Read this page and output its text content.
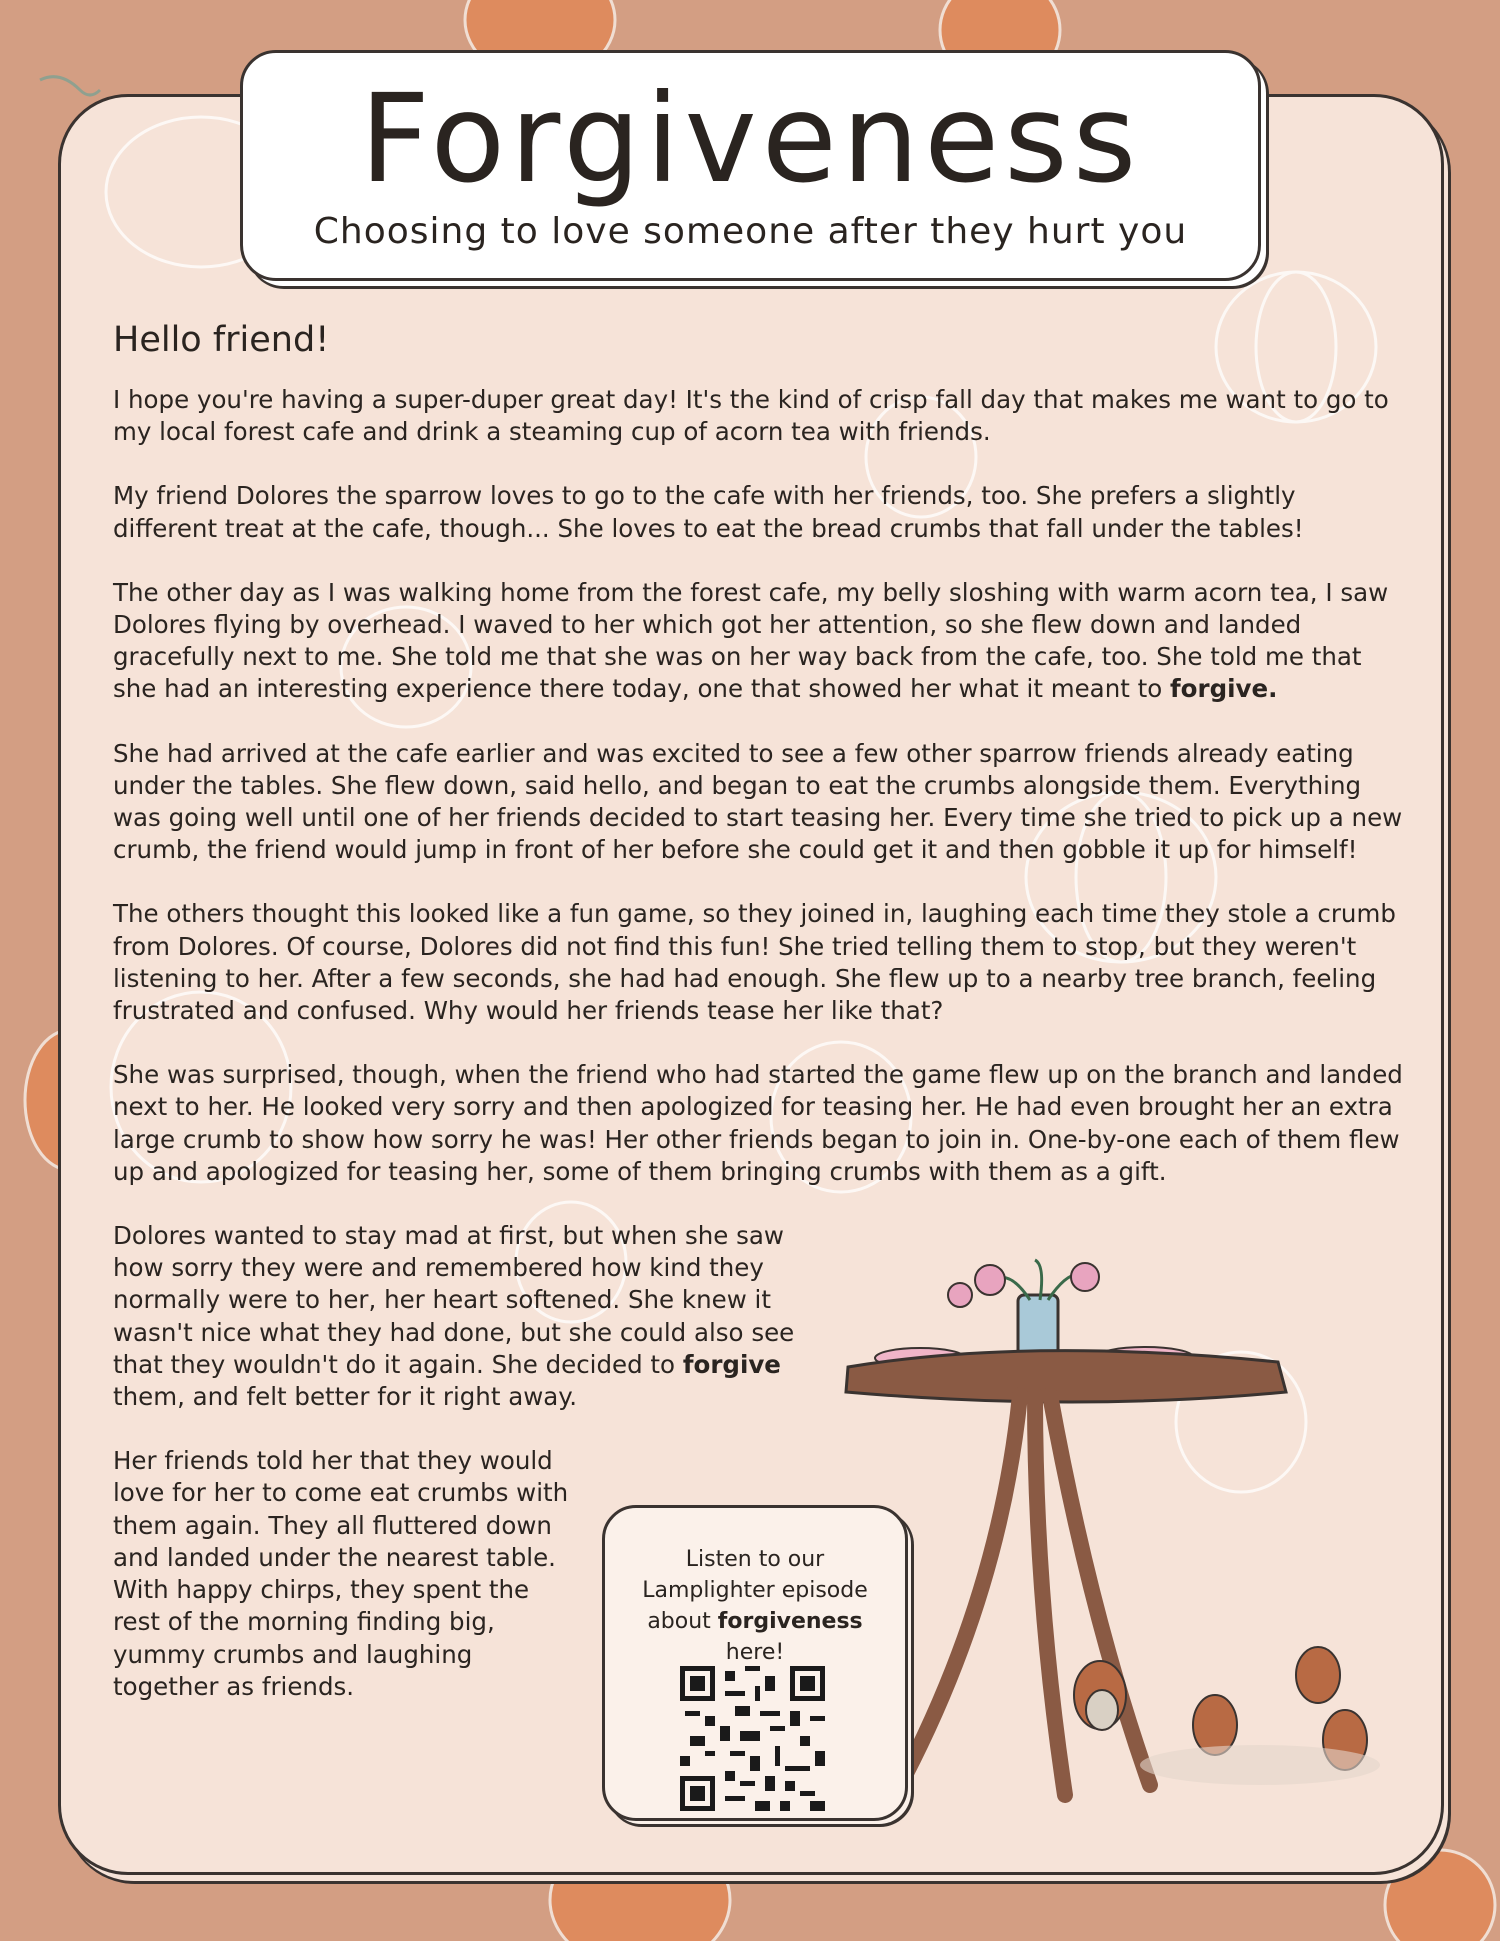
Forgiveness
Choosing to love someone after they hurt you

Hello friend!

I hope you're having a super-duper great day! It's the kind of crisp fall day that makes me want to go to my local forest cafe and drink a steaming cup of acorn tea with friends.

My friend Dolores the sparrow loves to go to the cafe with her friends, too. She prefers a slightly different treat at the cafe, though... She loves to eat the bread crumbs that fall under the tables!

The other day as I was walking home from the forest cafe, my belly sloshing with warm acorn tea, I saw Dolores flying by overhead. I waved to her which got her attention, so she flew down and landed gracefully next to me. She told me that she was on her way back from the cafe, too. She told me that she had an interesting experience there today, one that showed her what it meant to forgive.

She had arrived at the cafe earlier and was excited to see a few other sparrow friends already eating under the tables. She flew down, said hello, and began to eat the crumbs alongside them. Everything was going well until one of her friends decided to start teasing her. Every time she tried to pick up a new crumb, the friend would jump in front of her before she could get it and then gobble it up for himself!

The others thought this looked like a fun game, so they joined in, laughing each time they stole a crumb from Dolores. Of course, Dolores did not find this fun! She tried telling them to stop, but they weren't listening to her. After a few seconds, she had had enough. She flew up to a nearby tree branch, feeling frustrated and confused. Why would her friends tease her like that?

She was surprised, though, when the friend who had started the game flew up on the branch and landed next to her. He looked very sorry and then apologized for teasing her. He had even brought her an extra large crumb to show how sorry he was! Her other friends began to join in. One-by-one each of them flew up and apologized for teasing her, some of them bringing crumbs with them as a gift.

Dolores wanted to stay mad at first, but when she saw how sorry they were and remembered how kind they normally were to her, her heart softened. She knew it wasn't nice what they had done, but she could also see that they wouldn't do it again. She decided to forgive them, and felt better for it right away.

Her friends told her that they would love for her to come eat crumbs with them again. They all fluttered down and landed under the nearest table. With happy chirps, they spent the rest of the morning finding big, yummy crumbs and laughing together as friends.

Listen to our Lamplighter episode about forgiveness here!
